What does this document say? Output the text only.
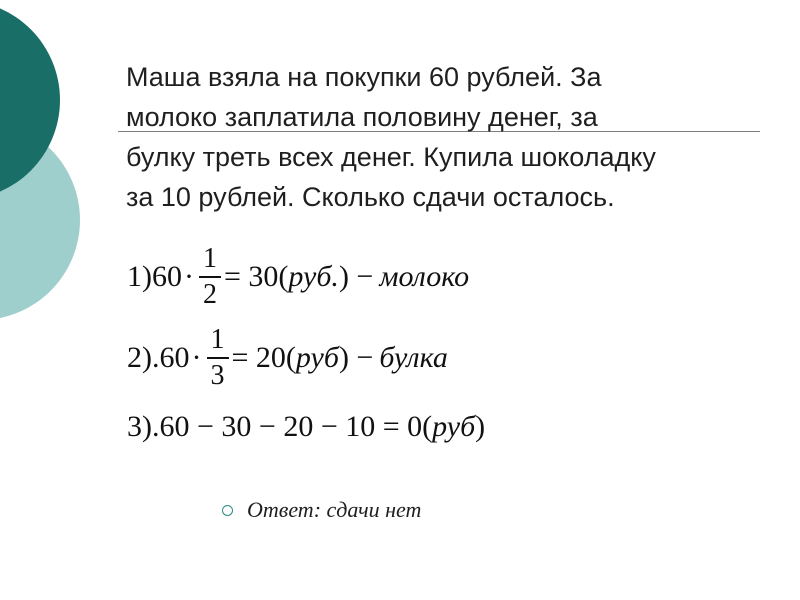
Маша взяла на покупки 60 рублей. За
молоко заплатила половину денег, за
булку треть всех денег. Купила шоколадку
за 10 рублей. Сколько сдачи осталось.
$1)60 \cdot \frac{1}{2} = 30$( руб. ) − молоко
$2).60 \cdot \frac{1}{3} = 20$( руб ) − булка
3).60 − 30 − 20 − 10 = 0( руб )
Ответ: сдачи нет
